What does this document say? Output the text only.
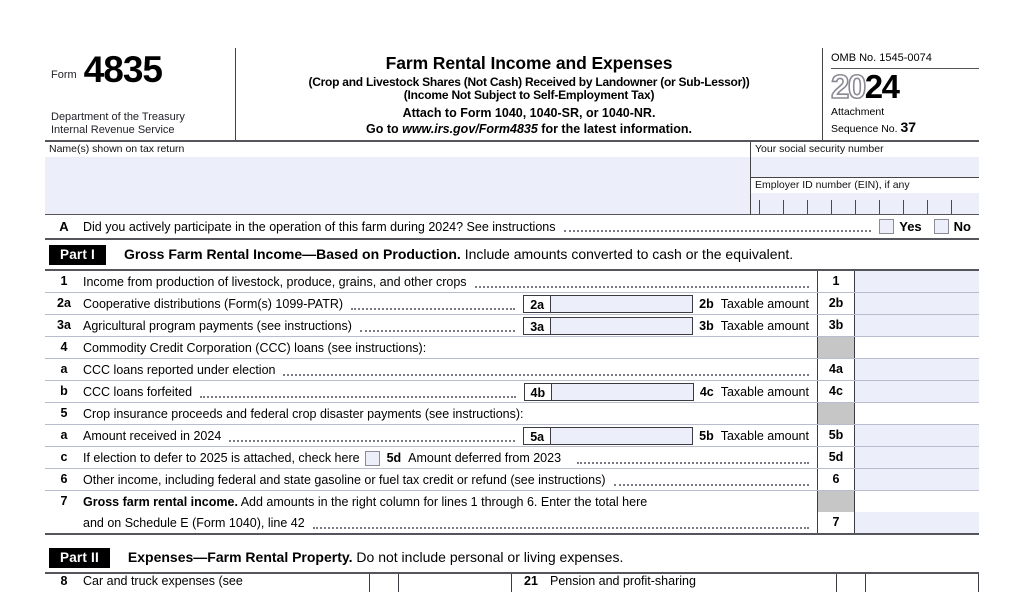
Form 4835
Department of the Treasury
Internal Revenue Service
Farm Rental Income and Expenses
(Crop and Livestock Shares (Not Cash) Received by Landowner (or Sub-Lessor))
(Income Not Subject to Self-Employment Tax)
Attach to Form 1040, 1040-SR, or 1040-NR.
Go to www.irs.gov/Form4835 for the latest information.
OMB No. 1545-0074
2024
Attachment
Sequence No. 37
Name(s) shown on tax return	Your social security number
Employer ID number (EIN), if any
A	Did you actively participate in the operation of this farm during 2024? See instructions	Yes No
Part I	Gross Farm Rental Income—Based on Production. Include amounts converted to cash or the equivalent.
1	Income from production of livestock, produce, grains, and other crops	1
2a Cooperative distributions (Form(s) 1099-PATR)	2a	2b Taxable amount	2b
3a Agricultural program payments (see instructions)	3a	3b Taxable amount	3b
4	Commodity Credit Corporation (CCC) loans (see instructions):
a	CCC loans reported under election	4a
b	CCC loans forfeited	4b	4c Taxable amount	4c
5	Crop insurance proceeds and federal crop disaster payments (see instructions):
a	Amount received in 2024	5a	5b Taxable amount	5b
c	If election to defer to 2025 is attached, check here 5d Amount deferred from 2023	5d
6	Other income, including federal and state gasoline or fuel tax credit or refund (see instructions)	6
7	Gross farm rental income. Add amounts in the right column for lines 1 through 6. Enter the total here
and on Schedule E (Form 1040), line 42	7
Part II	Expenses—Farm Rental Property. Do not include personal or living expenses.
8	Car and truck expenses (see	21 Pension and profit-sharing
